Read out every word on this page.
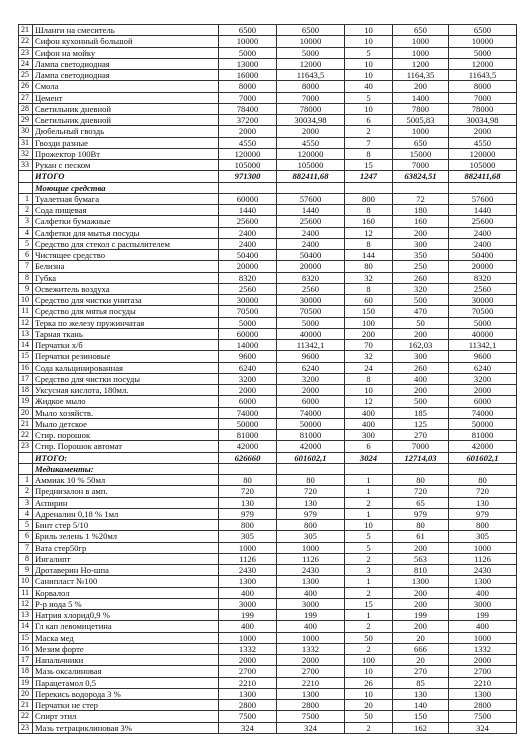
21	Шланги на смеситель	6500	6500	10	650	6500
22	Сифон кухонный большой	10000	10000	10	1000	10000
23	Сифон на мойку	5000	5000	5	1000	5000
24	Лампа светодиодная	13000	12000	10	1200	12000
25	Лампа светодиодная	16000	11643,5	10	1164,35	11643,5
26	Смола	8000	8000	40	200	8000
27	Цемент	7000	7000	5	1400	7000
28	Светильник дневной	78400	78000	10	7800	78000
29	Светильник дневной	37200	30034,98	6	5005,83	30034,98
30	Дюбельный гвоздь	2000	2000	2	1000	2000
31	Гвозди разные	4550	4550	7	650	4550
32	Прожектор 100Вт	120000	120000	8	15000	120000
33	Рукан с песком	105000	105000	15	7000	105000
	ИТОГО	971300	882411,68	1247	63824,51	882411,68
	Моющие средства					
1	Туалетная бумага	60000	57600	800	72	57600
2	Сода пищевая	1440	1440	8	180	1440
3	Салфетки бумажные	25600	25600	160	160	25600
4	Салфетки для мытья посуды	2400	2400	12	200	2400
5	Средство для стекол с распылителем	2400	2400	8	300	2400
6	Чистящее средство	50400	50400	144	350	50400
7	Белизна	20000	20000	80	250	20000
8	Губка	8320	8320	32	260	8320
9	Освежитель воздуха	2560	2560	8	320	2560
10	Средство для чистки унитаза	30000	30000	60	500	30000
11	Средство для мятья посуды	70500	70500	150	470	70500
12	Терка по железу пружинчатая	5000	5000	100	50	5000
13	Тарная ткань	60000	40000	200	200	40000
14	Перчатки х/б	14000	11342,1	70	162,03	11342,1
15	Перчатки резиновые	9600	9600	32	300	9600
16	Сода кальцинированная	6240	6240	24	260	6240
17	Средство для чистки посуды	3200	3200	8	400	3200
18	Уксусная кислота, 180мл.	2000	2000	10	200	2000
19	Жидкое мыло	6000	6000	12	500	6000
20	Мыло хозяйств.	74000	74000	400	185	74000
21	Мыло детское	50000	50000	400	125	50000
22	Стир. порошок	81000	81000	300	270	81000
23	Стир. Порошок автомат	42000	42000	6	7000	42000
	ИТОГО:	626660	601602,1	3024	12714,03	601602,1
	Медикаменты:					
1	Аммиак 10 % 50мл	80	80	1	80	80
2	Преднизалон в амп.	720	720	1	720	720
3	Аспирин	130	130	2	65	130
4	Адреналин 0,18 % 1мл	979	979	1	979	979
5	Бинт стер 5/10	800	800	10	80	800
6	Бриль зелень 1 %20мл	305	305	5	61	305
7	Вата стер50гр	1000	1000	5	200	1000
8	Ингалипт	1126	1126	2	563	1126
9	Дротаверин Но-шпа	2430	2430	3	810	2430
10	Санипласт №100	1300	1300	1	1300	1300
11	Корвалол	400	400	2	200	400
12	Р-р иода 5 %	3000	3000	15	200	3000
13	Натрия хлорид0,9 %	199	199	1	199	199
14	Гл кап левомицетина	400	400	2	200	400
15	Маска мед	1000	1000	50	20	1000
16	Мезим форте	1332	1332	2	666	1332
17	Напальчники	2000	2000	100	20	2000
18	Мазь оксалиновая	2700	2700	10	270	2700
19	Парацетамол 0,5	2210	2210	26	85	2210
20	Перекись водорода 3 %	1300	1300	10	130	1300
21	Перчатки не стер	2800	2800	20	140	2800
22	Спирт этил	7500	7500	50	150	7500
23	Мазь тетрациклиновая 3%	324	324	2	162	324
